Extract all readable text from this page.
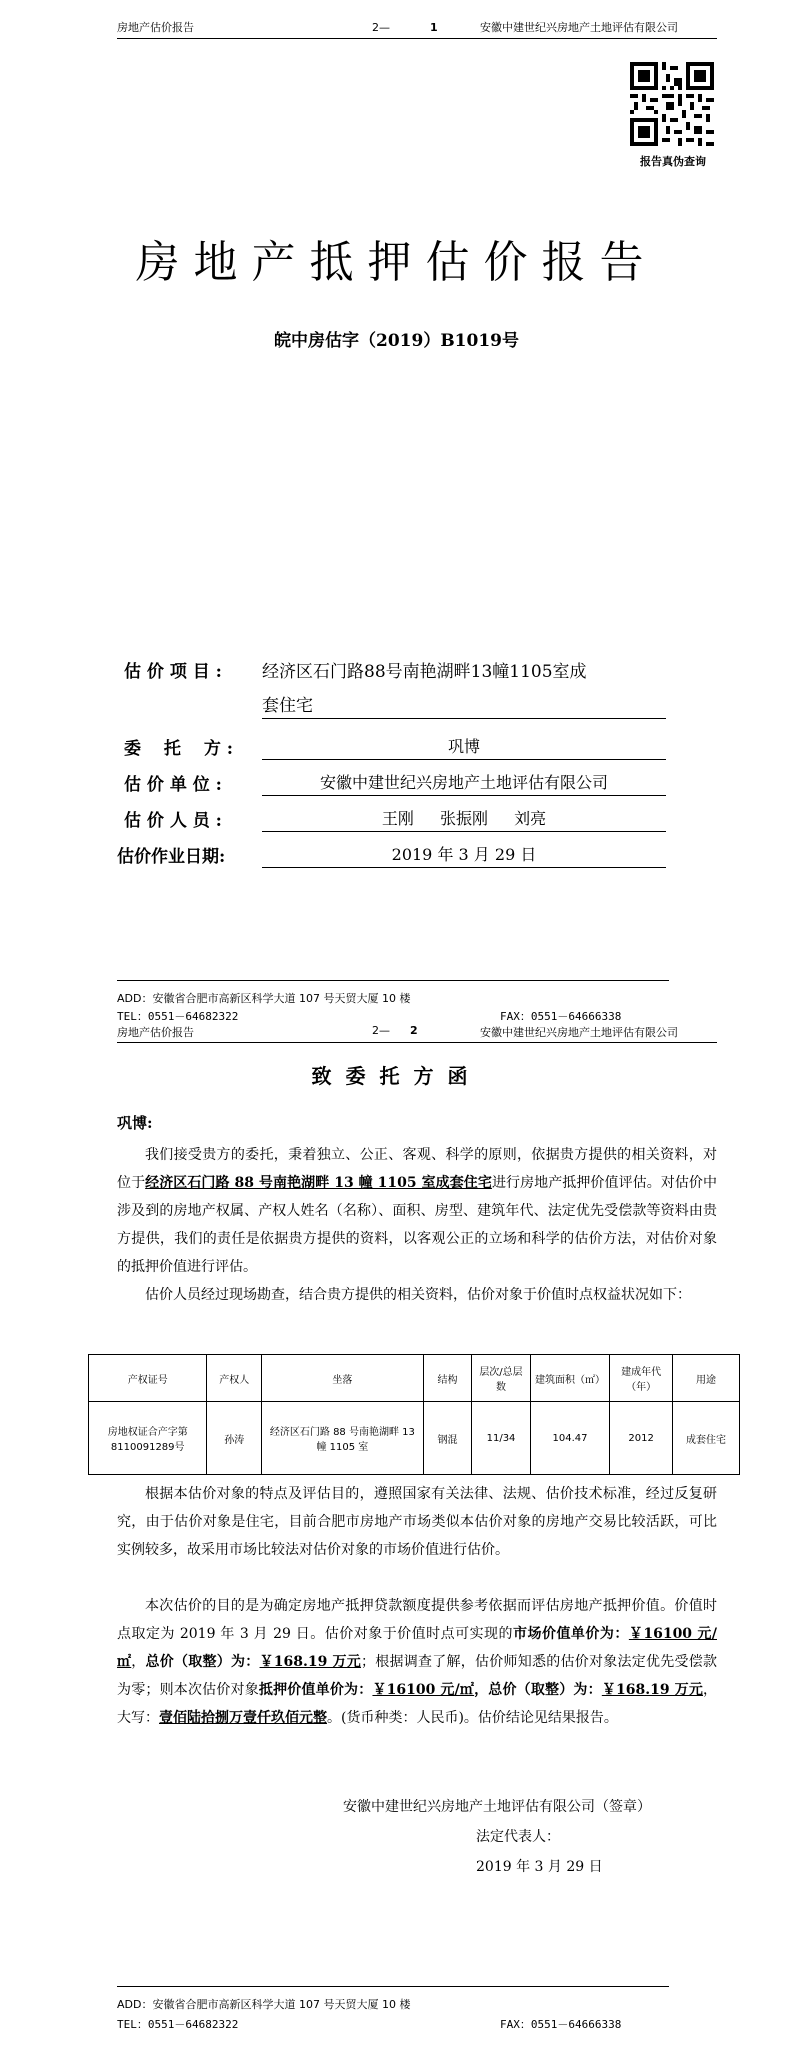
房地产估价报告	2—	1	安徽中建世纪兴房地产土地评估有限公司
报告真伪查询
房地产抵押估价报告
皖中房估字（2019）B1019号
估 价 项 目 : 经济区石门路88号南艳湖畔13幢1105室成
套住宅
委　 托　 方 :	巩博
估 价 单 位 :	安徽中建世纪兴房地产土地评估有限公司
估 价 人 员 :	王刚　  张振刚　  刘亮
估价作业日期:	2019 年 3 月 29 日
ADD：安徽省合肥市高新区科学大道 107 号天贸大厦 10 楼
TEL：0551－64682322	FAX：0551－64666338
房地产估价报告	2— 2	安徽中建世纪兴房地产土地评估有限公司
致委托方函
巩博:
我们接受贵方的委托，秉着独立、公正、客观、科学的原则，依据贵方提供的相关资料，对位于经济区石门路 88 号南艳湖畔 13 幢 1105 室成套住宅进行房地产抵押价值评估。对估价中涉及到的房地产权属、产权人姓名（名称）、面积、房型、建筑年代、法定优先受偿款等资料由贵方提供，我们的责任是依据贵方提供的资料，以客观公正的立场和科学的估价方法，对估价对象的抵押价值进行评估。
估价人员经过现场勘查，结合贵方提供的相关资料，估价对象于价值时点权益状况如下：
产权证号	产权人	坐落	结构	层次/总层数	建筑面积（㎡）	建成年代（年）	用途
房地权证合产字第8110091289号	孙涛	经济区石门路 88 号南艳湖畔 13 幢 1105 室	钢混	11/34	104.47	2012	成套住宅
根据本估价对象的特点及评估目的，遵照国家有关法律、法规、估价技术标准，经过反复研究，由于估价对象是住宅，目前合肥市房地产市场类似本估价对象的房地产交易比较活跃，可比实例较多，故采用市场比较法对估价对象的市场价值进行估价。
本次估价的目的是为确定房地产抵押贷款额度提供参考依据而评估房地产抵押价值。价值时点取定为 2019 年 3 月 29 日。估价对象于价值时点可实现的市场价值单价为：￥16100 元/㎡，总价（取整）为：￥168.19 万元；根据调查了解，估价师知悉的估价对象法定优先受偿款为零；则本次估价对象抵押价值单价为：￥16100 元/㎡，总价（取整）为：￥168.19 万元，大写：壹佰陆拾捌万壹仟玖佰元整。(货币种类：人民币)。估价结论见结果报告。
安徽中建世纪兴房地产土地评估有限公司（签章）
法定代表人：
2019 年 3 月 29 日
ADD：安徽省合肥市高新区科学大道 107 号天贸大厦 10 楼
TEL：0551－64682322	FAX：0551－64666338
